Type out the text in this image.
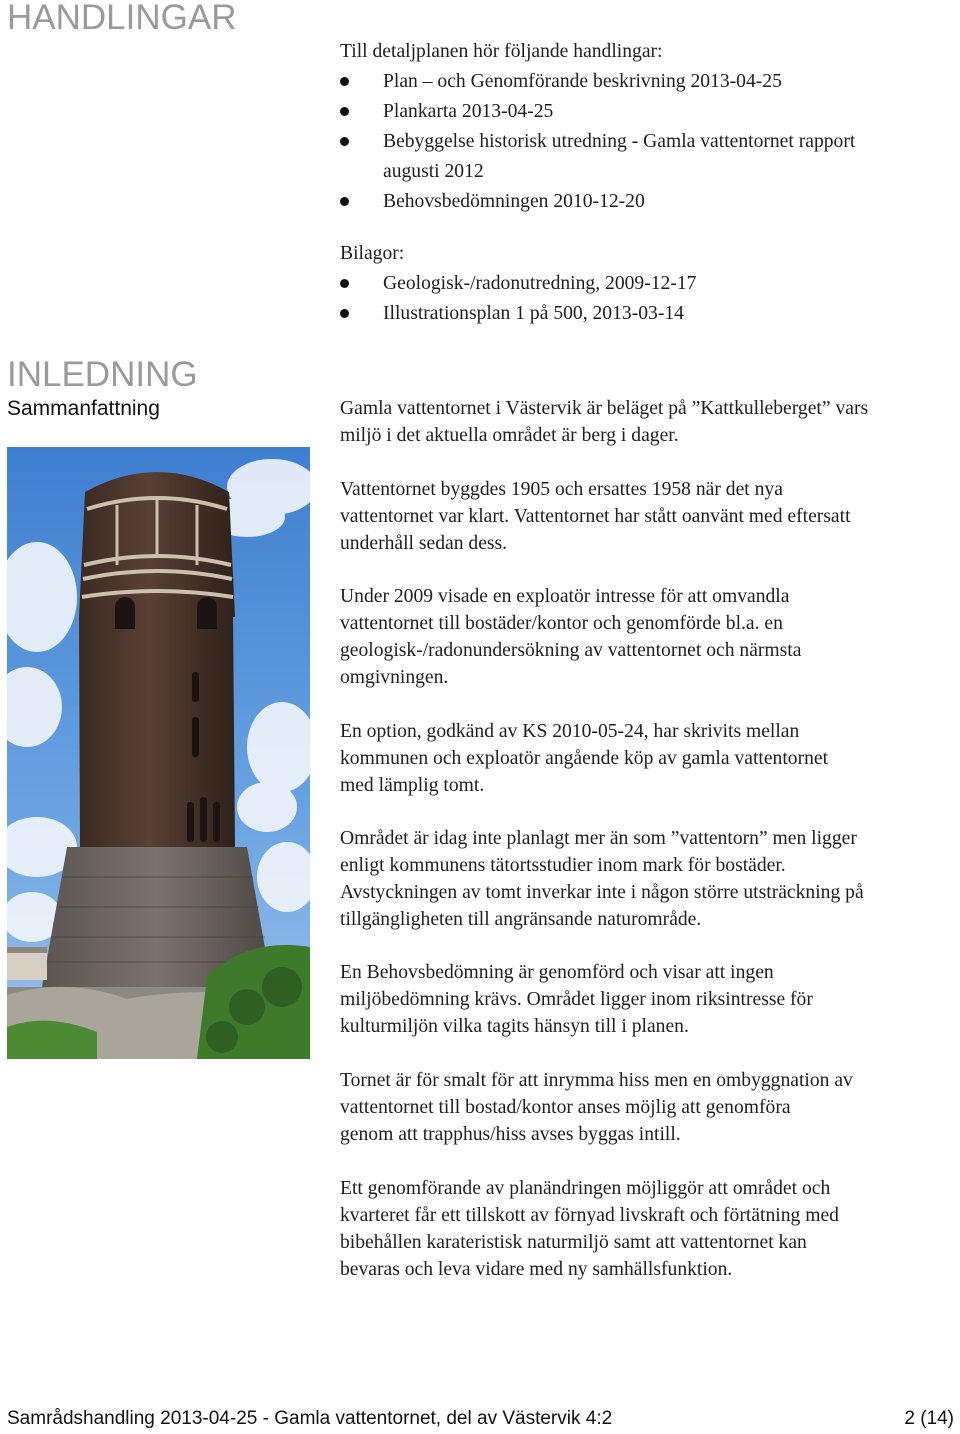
HANDLINGAR
INLEDNING
Sammanfattning
Till detaljplanen hör följande handlingar:
Plan – och Genomförande beskrivning 2013-04-25
Plankarta 2013-04-25
Bebyggelse historisk utredning - Gamla vattentornet rapport
augusti 2012
Behovsbedömningen 2010-12-20
Bilagor:
Geologisk-/radonutredning, 2009-12-17
Illustrationsplan 1 på 500, 2013-03-14
Gamla vattentornet i Västervik är beläget på ”Kattkulleberget” vars
miljö i det aktuella området är berg i dager.
Vattentornet byggdes 1905 och ersattes 1958 när det nya
vattentornet var klart. Vattentornet har stått oanvänt med eftersatt
underhåll sedan dess.
Under 2009 visade en exploatör intresse för att omvandla
vattentornet till bostäder/kontor och genomförde bl.a. en
geologisk-/radonundersökning av vattentornet och närmsta
omgivningen.
En option, godkänd av KS 2010-05-24, har skrivits mellan
kommunen och exploatör angående köp av gamla vattentornet
med lämplig tomt.
Området är idag inte planlagt mer än som ”vattentorn” men ligger
enligt kommunens tätortsstudier inom mark för bostäder.
Avstyckningen av tomt inverkar inte i någon större utsträckning på
tillgängligheten till angränsande naturområde.
En Behovsbedömning är genomförd och visar att ingen
miljöbedömning krävs. Området ligger inom riksintresse för
kulturmiljön vilka tagits hänsyn till i planen.
Tornet är för smalt för att inrymma hiss men en ombyggnation av
vattentornet till bostad/kontor anses möjlig att genomföra
genom att trapphus/hiss avses byggas intill.
Ett genomförande av planändringen möjliggör att området och
kvarteret får ett tillskott av förnyad livskraft och förtätning med
bibehållen karateristisk naturmiljö samt att vattentornet kan
bevaras och leva vidare med ny samhällsfunktion.
Samrådshandling 2013-04-25 - Gamla vattentornet, del av Västervik 4:2	2 (14)
